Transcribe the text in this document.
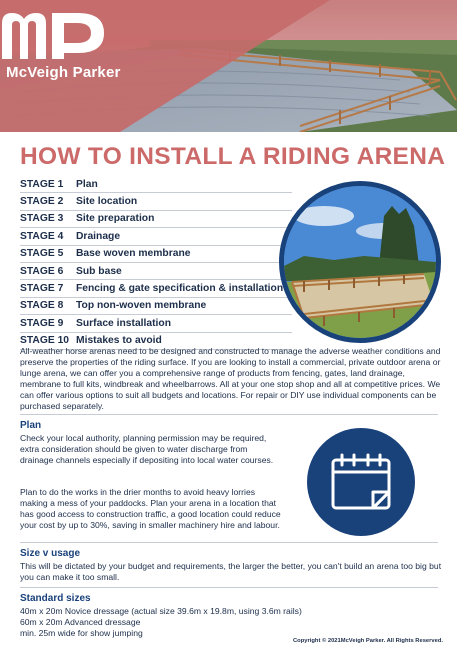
McVeigh Parker
HOW TO INSTALL A RIDING ARENA
STAGE 1	Plan
STAGE 2	Site location
STAGE 3	Site preparation
STAGE 4	Drainage
STAGE 5	Base woven membrane
STAGE 6	Sub base
STAGE 7	Fencing & gate specification & installation
STAGE 8	Top non-woven membrane
STAGE 9	Surface installation
STAGE 10 Mistakes to avoid
All-weather horse arenas need to be designed and constructed to manage the adverse weather conditions and preserve the properties of the riding surface. If you are looking to install a commercial, private outdoor arena or lunge arena, we can offer you a comprehensive range of products from fencing, gates, land drainage, membrane to full kits, windbreak and wheelbarrows. All at your one stop shop and all at competitive prices. We can offer various options to suit all budgets and locations. For repair or DIY use individual components can be purchased separately.
Plan
Check your local authority, planning permission may be required, extra consideration should be given to water discharge from drainage channels especially if depositing into local water courses.
Plan to do the works in the drier months to avoid heavy lorries making a mess of your paddocks. Plan your arena in a location that has good access to construction traffic, a good location could reduce your cost by up to 30%, saving in smaller machinery hire and labour.
Size v usage
This will be dictated by your budget and requirements, the larger the better, you can't build an arena too big but you can make it too small.
Standard sizes
40m x 20m Novice dressage (actual size 39.6m x 19.8m, using 3.6m rails)
60m x 20m Advanced dressage
min. 25m wide for show jumping
Copyright © 2021McVeigh Parker. All Rights Reserved.
